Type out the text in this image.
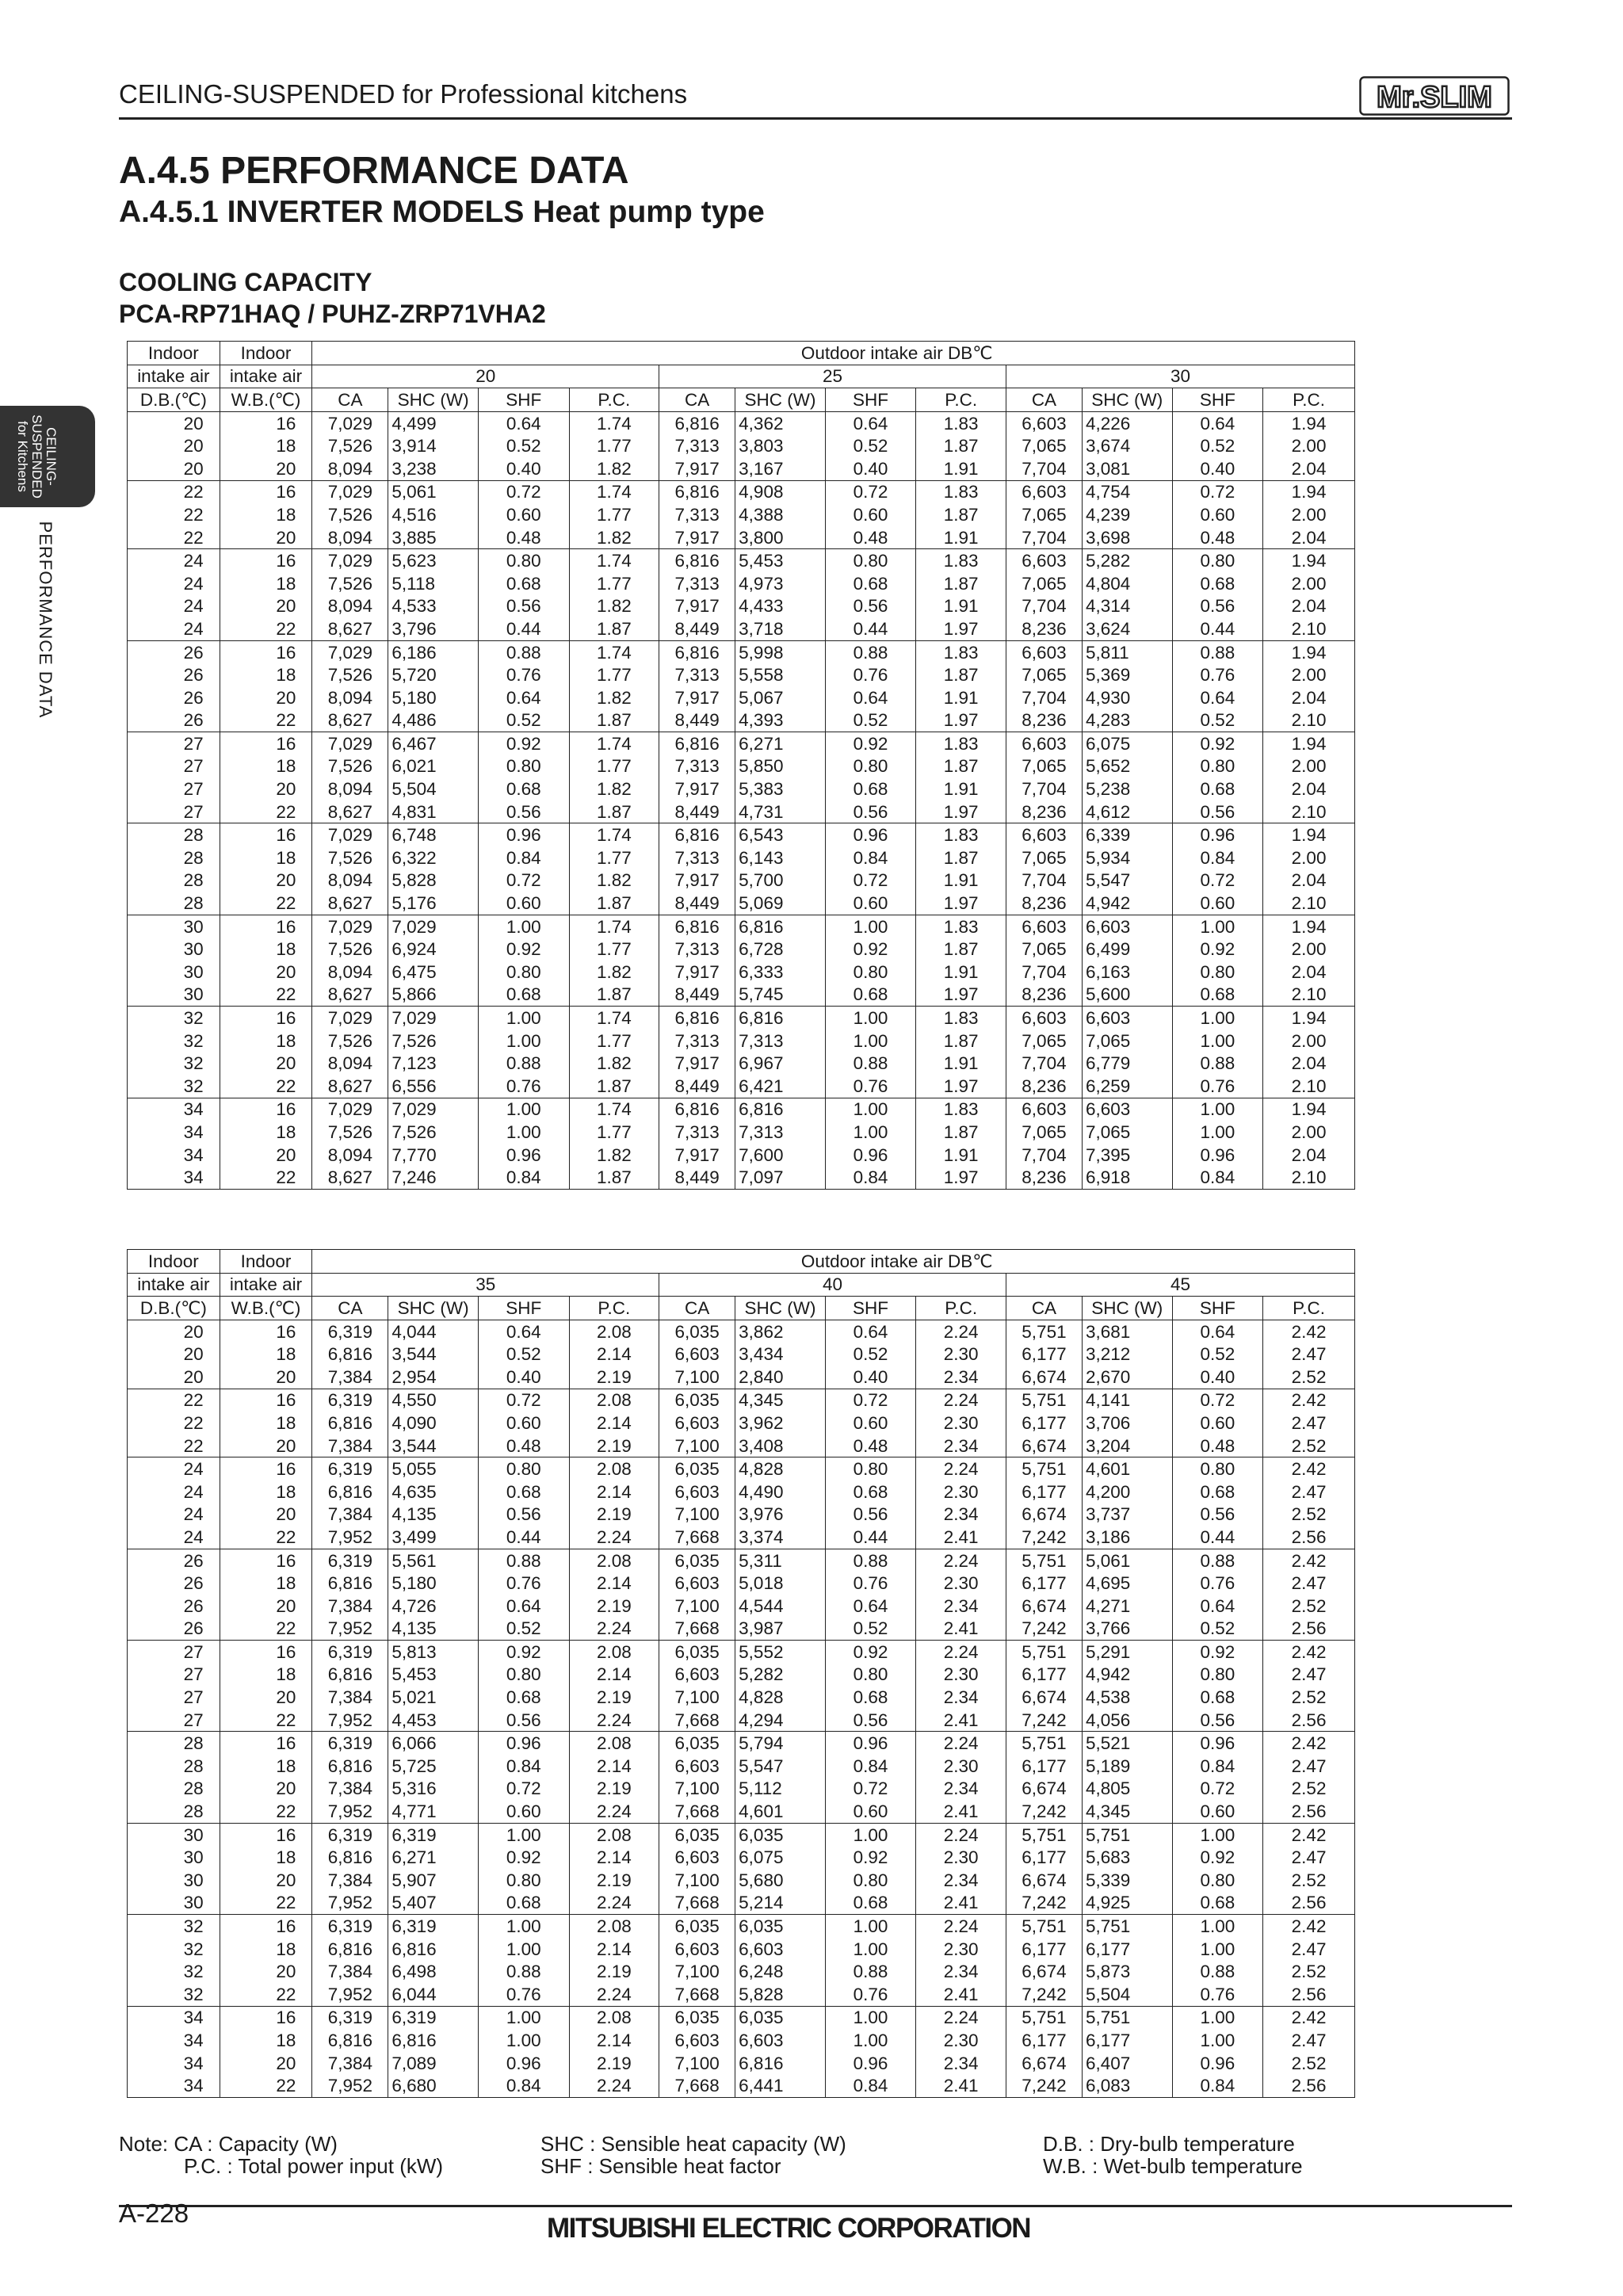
CEILING-SUSPENDED for Professional kitchens	Mr.SLIM
A.4.5 PERFORMANCE DATA
A.4.5.1 INVERTER MODELS Heat pump type
COOLING CAPACITY
PCA-RP71HAQ / PUHZ-ZRP71VHA2
CEILING-
SUSPENDED
for Kitchens
PERFORMANCE DATA
Indoor	Indoor	Outdoor intake air DB℃											
intake air	intake air	20				25				30			
D.B.(℃)	W.B.(℃)	CA	SHC (W)	SHF	P.C.	CA	SHC (W)	SHF	P.C.	CA	SHC (W)	SHF	P.C.
20	16	7,029	4,499	0.64	1.74	6,816	4,362	0.64	1.83	6,603	4,226	0.64	1.94
20	18	7,526	3,914	0.52	1.77	7,313	3,803	0.52	1.87	7,065	3,674	0.52	2.00
20	20	8,094	3,238	0.40	1.82	7,917	3,167	0.40	1.91	7,704	3,081	0.40	2.04
22	16	7,029	5,061	0.72	1.74	6,816	4,908	0.72	1.83	6,603	4,754	0.72	1.94
22	18	7,526	4,516	0.60	1.77	7,313	4,388	0.60	1.87	7,065	4,239	0.60	2.00
22	20	8,094	3,885	0.48	1.82	7,917	3,800	0.48	1.91	7,704	3,698	0.48	2.04
24	16	7,029	5,623	0.80	1.74	6,816	5,453	0.80	1.83	6,603	5,282	0.80	1.94
24	18	7,526	5,118	0.68	1.77	7,313	4,973	0.68	1.87	7,065	4,804	0.68	2.00
24	20	8,094	4,533	0.56	1.82	7,917	4,433	0.56	1.91	7,704	4,314	0.56	2.04
24	22	8,627	3,796	0.44	1.87	8,449	3,718	0.44	1.97	8,236	3,624	0.44	2.10
26	16	7,029	6,186	0.88	1.74	6,816	5,998	0.88	1.83	6,603	5,811	0.88	1.94
26	18	7,526	5,720	0.76	1.77	7,313	5,558	0.76	1.87	7,065	5,369	0.76	2.00
26	20	8,094	5,180	0.64	1.82	7,917	5,067	0.64	1.91	7,704	4,930	0.64	2.04
26	22	8,627	4,486	0.52	1.87	8,449	4,393	0.52	1.97	8,236	4,283	0.52	2.10
27	16	7,029	6,467	0.92	1.74	6,816	6,271	0.92	1.83	6,603	6,075	0.92	1.94
27	18	7,526	6,021	0.80	1.77	7,313	5,850	0.80	1.87	7,065	5,652	0.80	2.00
27	20	8,094	5,504	0.68	1.82	7,917	5,383	0.68	1.91	7,704	5,238	0.68	2.04
27	22	8,627	4,831	0.56	1.87	8,449	4,731	0.56	1.97	8,236	4,612	0.56	2.10
28	16	7,029	6,748	0.96	1.74	6,816	6,543	0.96	1.83	6,603	6,339	0.96	1.94
28	18	7,526	6,322	0.84	1.77	7,313	6,143	0.84	1.87	7,065	5,934	0.84	2.00
28	20	8,094	5,828	0.72	1.82	7,917	5,700	0.72	1.91	7,704	5,547	0.72	2.04
28	22	8,627	5,176	0.60	1.87	8,449	5,069	0.60	1.97	8,236	4,942	0.60	2.10
30	16	7,029	7,029	1.00	1.74	6,816	6,816	1.00	1.83	6,603	6,603	1.00	1.94
30	18	7,526	6,924	0.92	1.77	7,313	6,728	0.92	1.87	7,065	6,499	0.92	2.00
30	20	8,094	6,475	0.80	1.82	7,917	6,333	0.80	1.91	7,704	6,163	0.80	2.04
30	22	8,627	5,866	0.68	1.87	8,449	5,745	0.68	1.97	8,236	5,600	0.68	2.10
32	16	7,029	7,029	1.00	1.74	6,816	6,816	1.00	1.83	6,603	6,603	1.00	1.94
32	18	7,526	7,526	1.00	1.77	7,313	7,313	1.00	1.87	7,065	7,065	1.00	2.00
32	20	8,094	7,123	0.88	1.82	7,917	6,967	0.88	1.91	7,704	6,779	0.88	2.04
32	22	8,627	6,556	0.76	1.87	8,449	6,421	0.76	1.97	8,236	6,259	0.76	2.10
34	16	7,029	7,029	1.00	1.74	6,816	6,816	1.00	1.83	6,603	6,603	1.00	1.94
34	18	7,526	7,526	1.00	1.77	7,313	7,313	1.00	1.87	7,065	7,065	1.00	2.00
34	20	8,094	7,770	0.96	1.82	7,917	7,600	0.96	1.91	7,704	7,395	0.96	2.04
34	22	8,627	7,246	0.84	1.87	8,449	7,097	0.84	1.97	8,236	6,918	0.84	2.10
Indoor	Indoor	Outdoor intake air DB℃											
intake air	intake air	35				40				45			
D.B.(℃)	W.B.(℃)	CA	SHC (W)	SHF	P.C.	CA	SHC (W)	SHF	P.C.	CA	SHC (W)	SHF	P.C.
20	16	6,319	4,044	0.64	2.08	6,035	3,862	0.64	2.24	5,751	3,681	0.64	2.42
20	18	6,816	3,544	0.52	2.14	6,603	3,434	0.52	2.30	6,177	3,212	0.52	2.47
20	20	7,384	2,954	0.40	2.19	7,100	2,840	0.40	2.34	6,674	2,670	0.40	2.52
22	16	6,319	4,550	0.72	2.08	6,035	4,345	0.72	2.24	5,751	4,141	0.72	2.42
22	18	6,816	4,090	0.60	2.14	6,603	3,962	0.60	2.30	6,177	3,706	0.60	2.47
22	20	7,384	3,544	0.48	2.19	7,100	3,408	0.48	2.34	6,674	3,204	0.48	2.52
24	16	6,319	5,055	0.80	2.08	6,035	4,828	0.80	2.24	5,751	4,601	0.80	2.42
24	18	6,816	4,635	0.68	2.14	6,603	4,490	0.68	2.30	6,177	4,200	0.68	2.47
24	20	7,384	4,135	0.56	2.19	7,100	3,976	0.56	2.34	6,674	3,737	0.56	2.52
24	22	7,952	3,499	0.44	2.24	7,668	3,374	0.44	2.41	7,242	3,186	0.44	2.56
26	16	6,319	5,561	0.88	2.08	6,035	5,311	0.88	2.24	5,751	5,061	0.88	2.42
26	18	6,816	5,180	0.76	2.14	6,603	5,018	0.76	2.30	6,177	4,695	0.76	2.47
26	20	7,384	4,726	0.64	2.19	7,100	4,544	0.64	2.34	6,674	4,271	0.64	2.52
26	22	7,952	4,135	0.52	2.24	7,668	3,987	0.52	2.41	7,242	3,766	0.52	2.56
27	16	6,319	5,813	0.92	2.08	6,035	5,552	0.92	2.24	5,751	5,291	0.92	2.42
27	18	6,816	5,453	0.80	2.14	6,603	5,282	0.80	2.30	6,177	4,942	0.80	2.47
27	20	7,384	5,021	0.68	2.19	7,100	4,828	0.68	2.34	6,674	4,538	0.68	2.52
27	22	7,952	4,453	0.56	2.24	7,668	4,294	0.56	2.41	7,242	4,056	0.56	2.56
28	16	6,319	6,066	0.96	2.08	6,035	5,794	0.96	2.24	5,751	5,521	0.96	2.42
28	18	6,816	5,725	0.84	2.14	6,603	5,547	0.84	2.30	6,177	5,189	0.84	2.47
28	20	7,384	5,316	0.72	2.19	7,100	5,112	0.72	2.34	6,674	4,805	0.72	2.52
28	22	7,952	4,771	0.60	2.24	7,668	4,601	0.60	2.41	7,242	4,345	0.60	2.56
30	16	6,319	6,319	1.00	2.08	6,035	6,035	1.00	2.24	5,751	5,751	1.00	2.42
30	18	6,816	6,271	0.92	2.14	6,603	6,075	0.92	2.30	6,177	5,683	0.92	2.47
30	20	7,384	5,907	0.80	2.19	7,100	5,680	0.80	2.34	6,674	5,339	0.80	2.52
30	22	7,952	5,407	0.68	2.24	7,668	5,214	0.68	2.41	7,242	4,925	0.68	2.56
32	16	6,319	6,319	1.00	2.08	6,035	6,035	1.00	2.24	5,751	5,751	1.00	2.42
32	18	6,816	6,816	1.00	2.14	6,603	6,603	1.00	2.30	6,177	6,177	1.00	2.47
32	20	7,384	6,498	0.88	2.19	7,100	6,248	0.88	2.34	6,674	5,873	0.88	2.52
32	22	7,952	6,044	0.76	2.24	7,668	5,828	0.76	2.41	7,242	5,504	0.76	2.56
34	16	6,319	6,319	1.00	2.08	6,035	6,035	1.00	2.24	5,751	5,751	1.00	2.42
34	18	6,816	6,816	1.00	2.14	6,603	6,603	1.00	2.30	6,177	6,177	1.00	2.47
34	20	7,384	7,089	0.96	2.19	7,100	6,816	0.96	2.34	6,674	6,407	0.96	2.52
34	22	7,952	6,680	0.84	2.24	7,668	6,441	0.84	2.41	7,242	6,083	0.84	2.56
Note: CA : Capacity (W)
P.C. : Total power input (kW)
SHC : Sensible heat capacity (W)
SHF : Sensible heat factor
D.B. : Dry-bulb temperature
W.B. : Wet-bulb temperature
A-228	MITSUBISHI ELECTRIC CORPORATION
